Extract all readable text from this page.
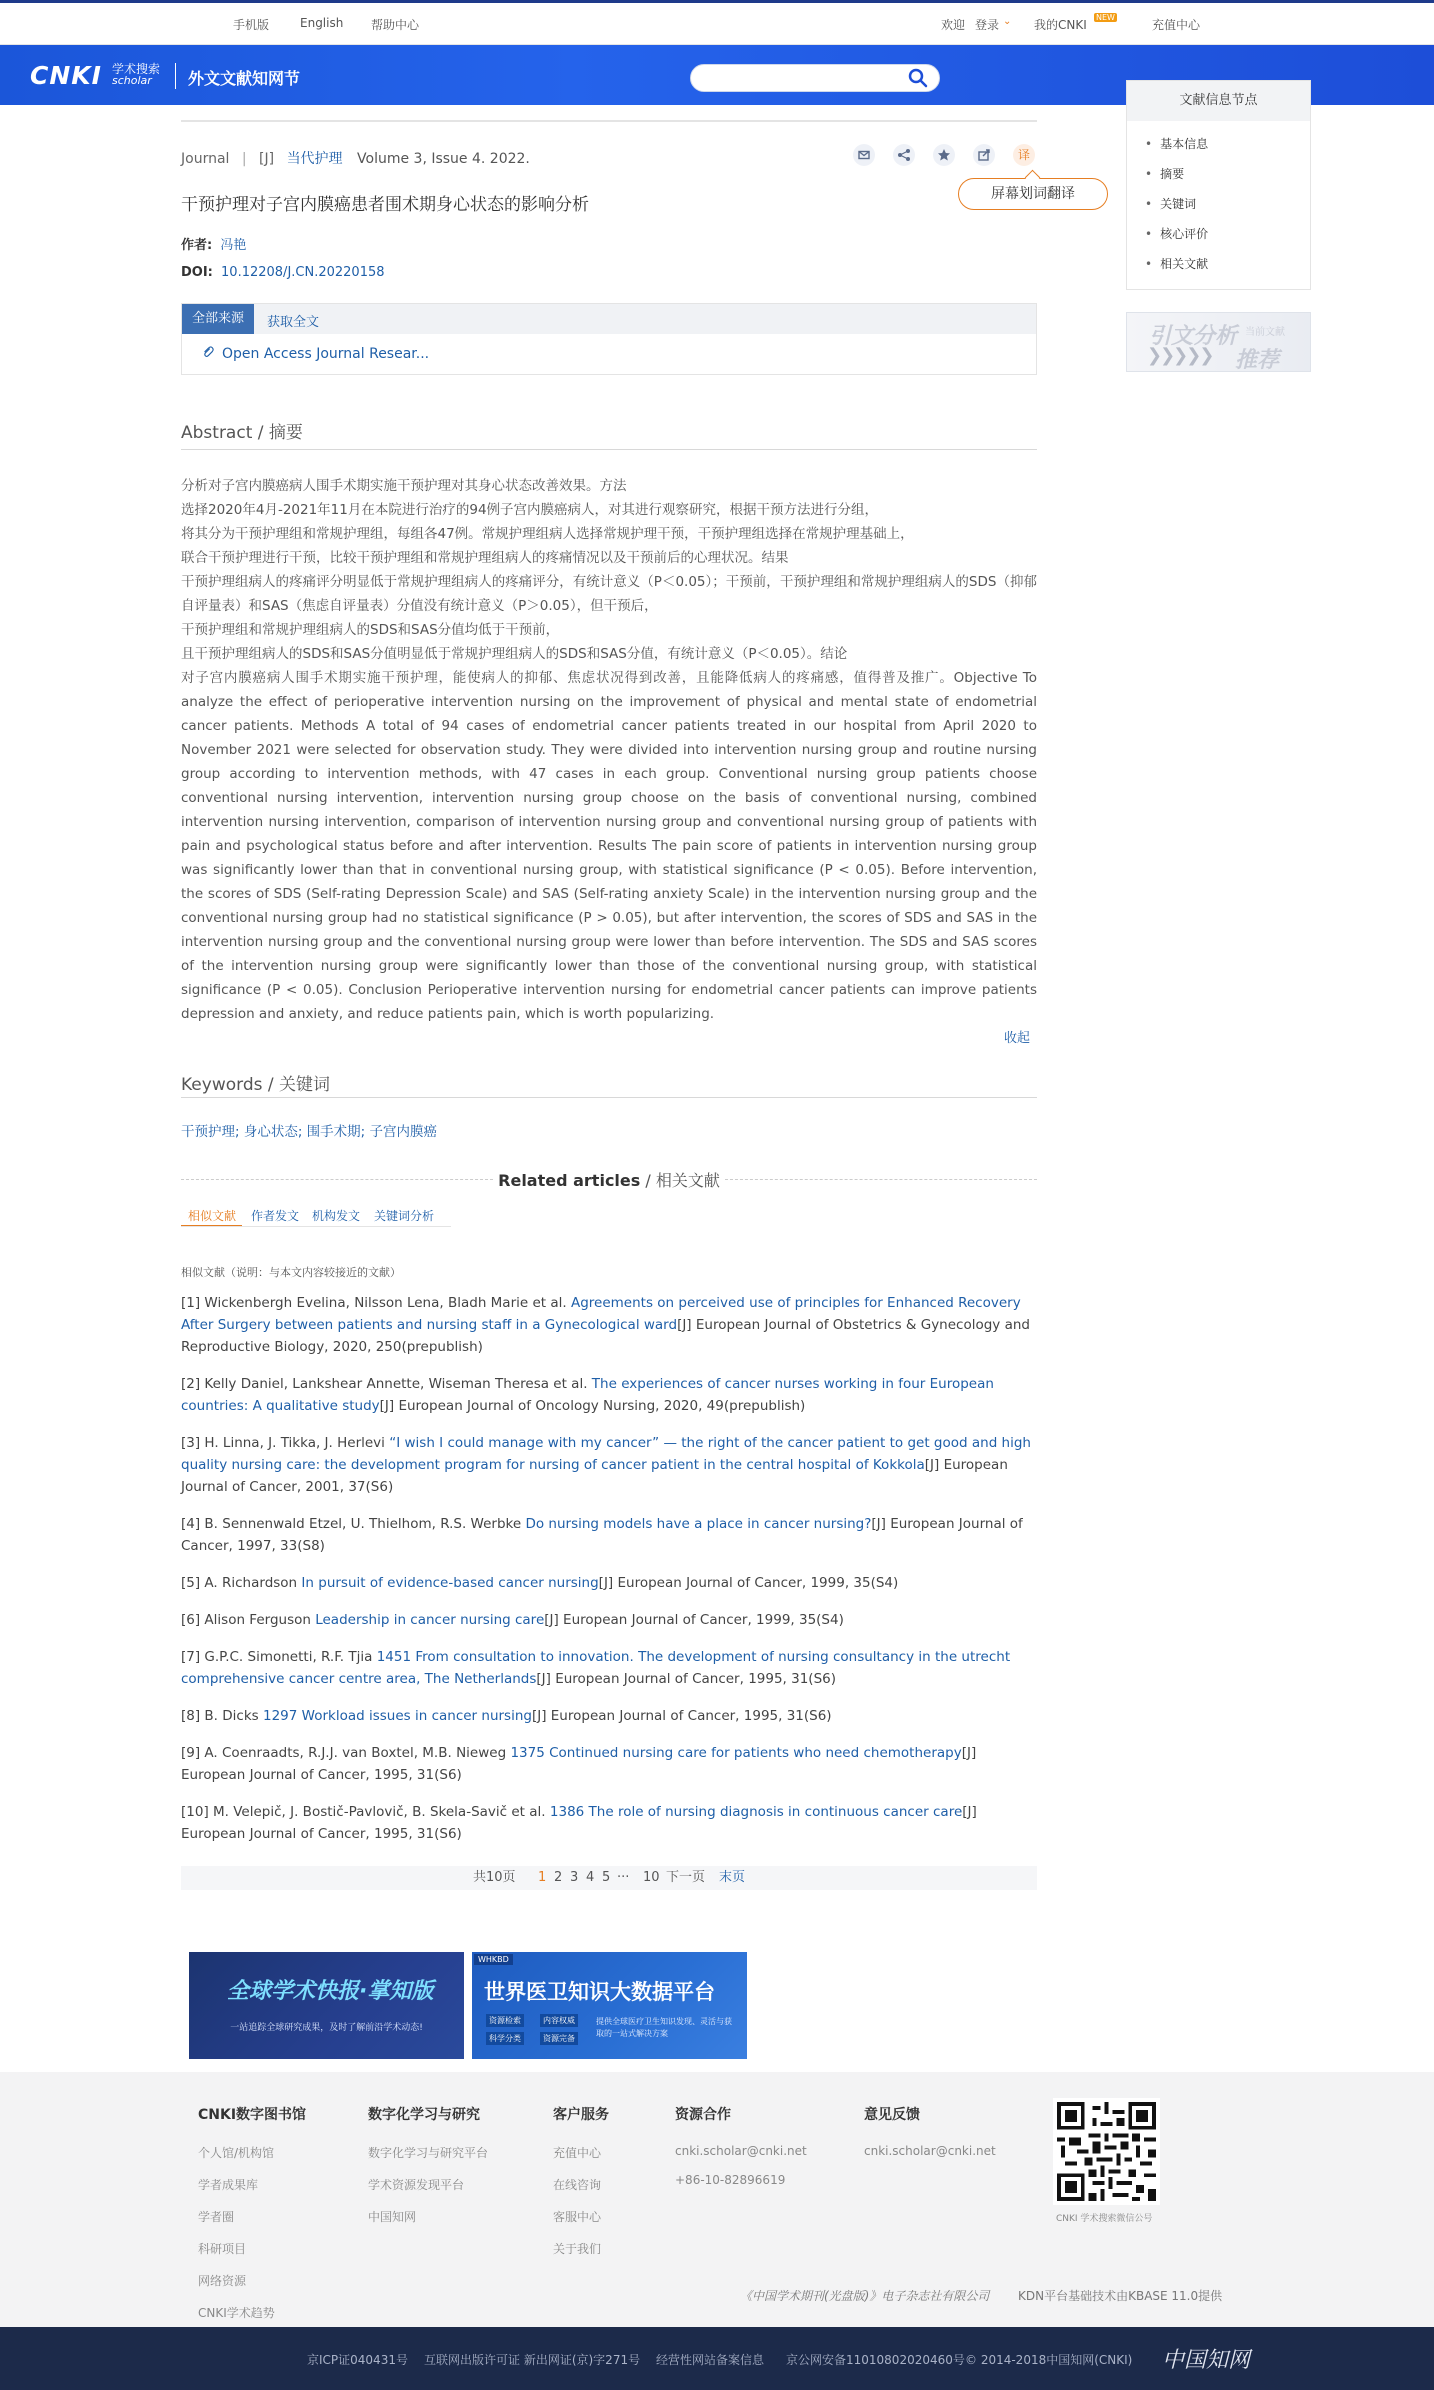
手机版	English 帮助中心	欢迎 登录 ⌄ 我的CNKI
NEW
充值中心
CNKI 学术搜索
scholar	外文文献知网节
Journal | [J] 当代护理 Volume 3, Issue 4. 2022.	译
屏幕划词翻译
干预护理对子宫内膜癌患者围术期身心状态的影响分析
作者: 冯艳
DOI: 10.12208/J.CN.20220158
全部来源	获取全文
Open Access Journal Resear...
Abstract / 摘要
分析对子宫内膜癌病人围手术期实施干预护理对其身心状态改善效果。方法
选择2020年4月-2021年11月在本院进行治疗的94例子宫内膜癌病人，对其进行观察研究，根据干预方法进行分组，
将其分为干预护理组和常规护理组，每组各47例。常规护理组病人选择常规护理干预，干预护理组选择在常规护理基础上，
联合干预护理进行干预，比较干预护理组和常规护理组病人的疼痛情况以及干预前后的心理状况。结果
干预护理组病人的疼痛评分明显低于常规护理组病人的疼痛评分，有统计意义（P＜0.05）；干预前，干预护理组和常规护理组病人的SDS（抑郁自评量表）和SAS（焦虑自评量表）分值没有统计意义（P＞0.05），但干预后，
干预护理组和常规护理组病人的SDS和SAS分值均低于干预前，
且干预护理组病人的SDS和SAS分值明显低于常规护理组病人的SDS和SAS分值，有统计意义（P＜0.05）。结论
对子宫内膜癌病人围手术期实施干预护理，能使病人的抑郁、焦虑状况得到改善，且能降低病人的疼痛感，值得普及推广。Objective To analyze the effect of perioperative intervention nursing on the improvement of physical and mental state of endometrial cancer patients. Methods A total of 94 cases of endometrial cancer patients treated in our hospital from April 2020 to November 2021 were selected for observation study. They were divided into intervention nursing group and routine nursing group according to intervention methods, with 47 cases in each group. Conventional nursing group patients choose conventional nursing intervention, intervention nursing group choose on the basis of conventional nursing, combined intervention nursing intervention, comparison of intervention nursing group and conventional nursing group of patients with pain and psychological status before and after intervention. Results The pain score of patients in intervention nursing group was significantly lower than that in conventional nursing group, with statistical significance (P < 0.05). Before intervention, the scores of SDS (Self-rating Depression Scale) and SAS (Self-rating anxiety Scale) in the intervention nursing group and the conventional nursing group had no statistical significance (P > 0.05), but after intervention, the scores of SDS and SAS in the intervention nursing group and the conventional nursing group were lower than before intervention. The SDS and SAS scores of the intervention nursing group were significantly lower than those of the conventional nursing group, with statistical significance (P < 0.05). Conclusion Perioperative intervention nursing for endometrial cancer patients can improve patients depression and anxiety, and reduce patients pain, which is worth popularizing.
收起
Keywords / 关键词
干预护理; 身心状态; 围手术期; 子宫内膜癌
Related articles / 相关文献
相似文献 作者发文 机构发文 关键词分析
相似文献（说明：与本文内容较接近的文献）
[1] Wickenbergh Evelina, Nilsson Lena, Bladh Marie et al. Agreements on perceived use of principles for Enhanced Recovery After Surgery between patients and nursing staff in a Gynecological ward[J] European Journal of Obstetrics & Gynecology and Reproductive Biology, 2020, 250(prepublish)
[2] Kelly Daniel, Lankshear Annette, Wiseman Theresa et al. The experiences of cancer nurses working in four European countries: A qualitative study[J] European Journal of Oncology Nursing, 2020, 49(prepublish)
[3] H. Linna, J. Tikka, J. Herlevi “I wish I could manage with my cancer” — the right of the cancer patient to get good and high quality nursing care: the development program for nursing of cancer patient in the central hospital of Kokkola[J] European Journal of Cancer, 2001, 37(S6)
[4] B. Sennenwald Etzel, U. Thielhom, R.S. Werbke Do nursing models have a place in cancer nursing?[J] European Journal of Cancer, 1997, 33(S8)
[5] A. Richardson In pursuit of evidence-based cancer nursing[J] European Journal of Cancer, 1999, 35(S4)
[6] Alison Ferguson Leadership in cancer nursing care[J] European Journal of Cancer, 1999, 35(S4)
[7] G.P.C. Simonetti, R.F. Tjia 1451 From consultation to innovation. The development of nursing consultancy in the utrecht comprehensive cancer centre area, The Netherlands[J] European Journal of Cancer, 1995, 31(S6)
[8] B. Dicks 1297 Workload issues in cancer nursing[J] European Journal of Cancer, 1995, 31(S6)
[9] A. Coenraadts, R.J.J. van Boxtel, M.B. Nieweg 1375 Continued nursing care for patients who need chemotherapy[J] European Journal of Cancer, 1995, 31(S6)
[10] M. Velepič, J. Bostič-Pavlovič, B. Skela-Savič et al. 1386 The role of nursing diagnosis in continuous cancer care[J] European Journal of Cancer, 1995, 31(S6)
共10页 1 2 3 4 5 ··· 10 下一页 末页
文献信息节点
• 基本信息
• 摘要
• 关键词
• 核心评价
• 相关文献
引文分析 当前文献
❯❯❯❯❯ 推荐
全球学术快报·掌知版
一站追踪全球研究成果，及时了解前沿学术动态!
WHKBD
世界医卫知识大数据平台
资源检索	内容权威
科学分类	资源完备
提供全球医疗卫生知识发现、灵活与获取的一站式解决方案
CNKI数字图书馆
个人馆/机构馆
学者成果库
学者圈
科研项目
网络资源
CNKI学术趋势
数字化学习与研究
数字化学习与研究平台
学术资源发现平台
中国知网
客户服务
充值中心
在线咨询
客服中心
关于我们
资源合作
cnki.scholar@cnki.net
+86-10-82896619
意见反馈
cnki.scholar@cnki.net
CNKI 学术搜索微信公号
《中国学术期刊(光盘版)》电子杂志社有限公司 KDN平台基础技术由KBASE 11.0提供
京ICP证040431号 互联网出版许可证 新出网证(京)字271号 经营性网站备案信息 京公网安备11010802020460号 © 2014-2018中国知网(CNKI) 中国知网
